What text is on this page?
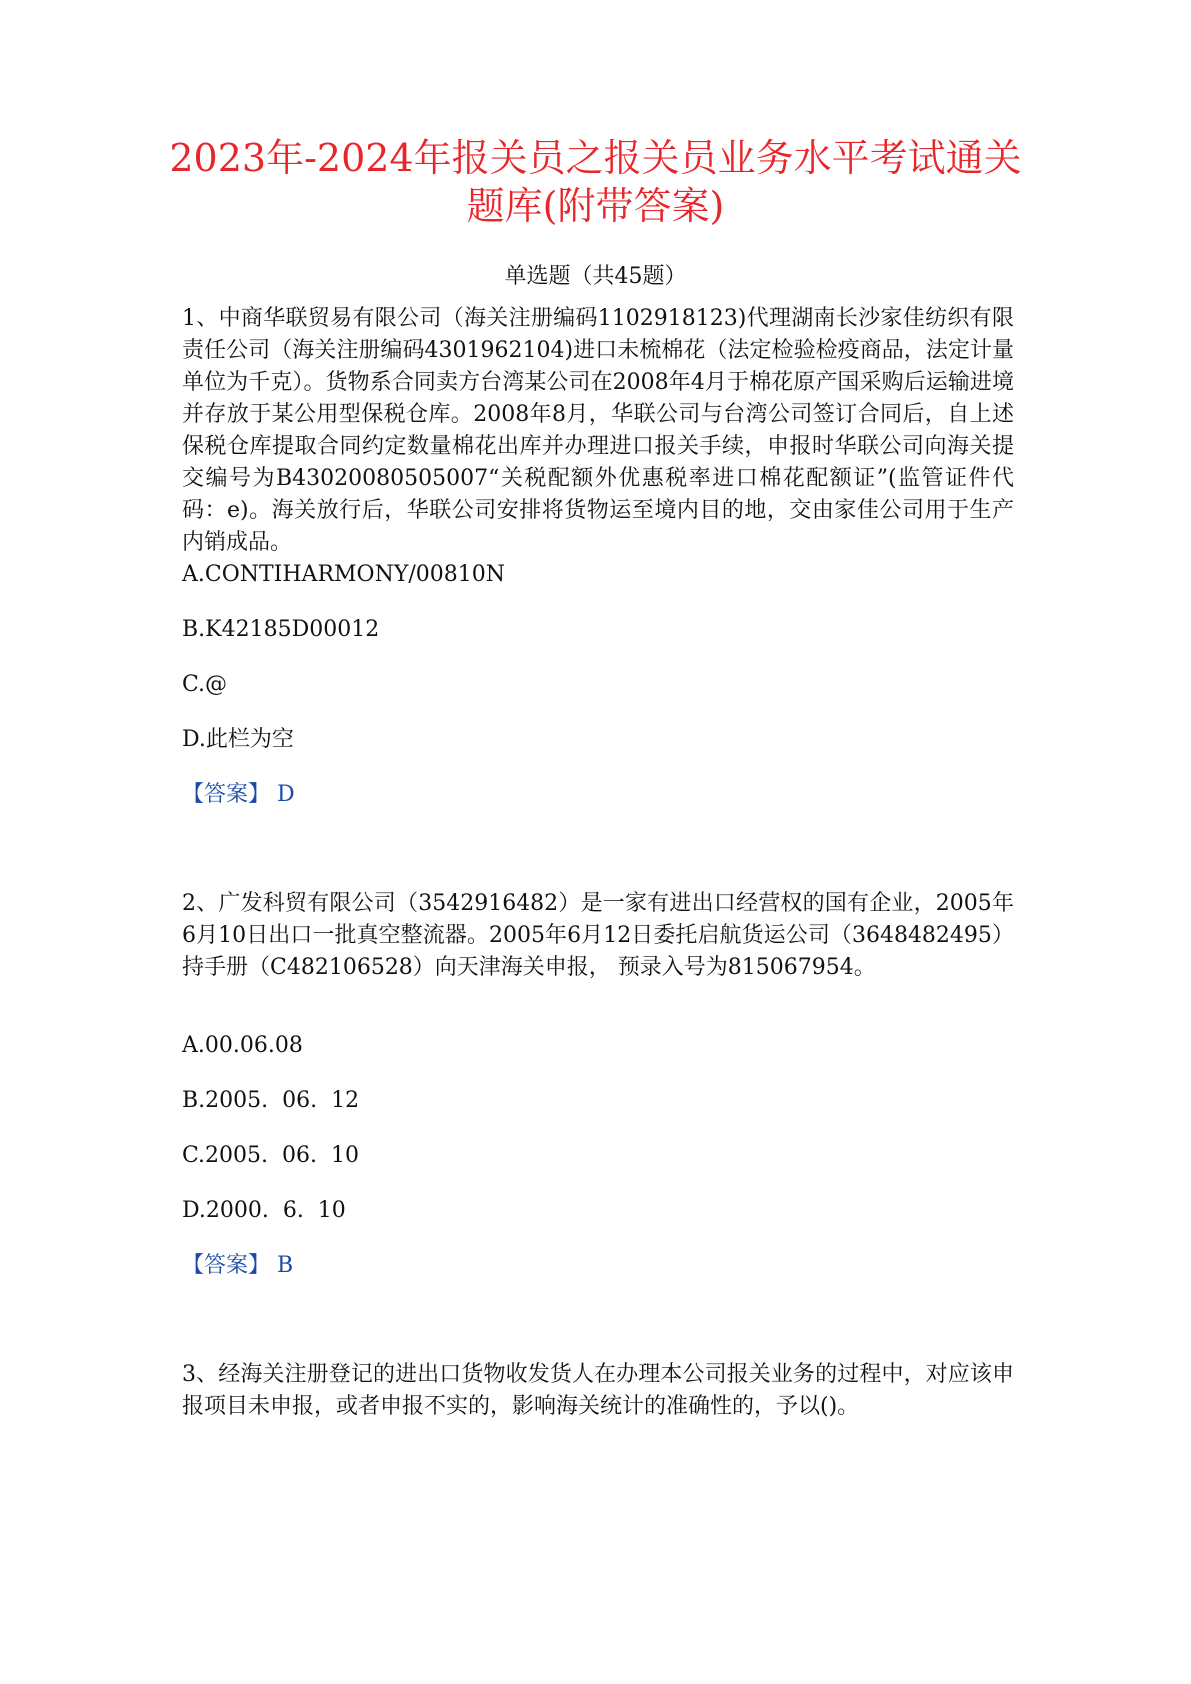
2023年-2024年报关员之报关员业务水平考试通关
题库(附带答案)
单选题（共45题）

1、中商华联贸易有限公司（海关注册编码1102918123)代理湖南长沙家佳纺织有限责任公司（海关注册编码4301962104)进口未梳棉花（法定检验检疫商品，法定计量单位为千克）。货物系合同卖方台湾某公司在2008年4月于棉花原产国采购后运输进境并存放于某公用型保税仓库。2008年8月，华联公司与台湾公司签订合同后，自上述保税仓库提取合同约定数量棉花出库并办理进口报关手续，申报时华联公司向海关提交编号为B43020080505007“关税配额外优惠税率进口棉花配额证”(监管证件代码：e)。海关放行后，华联公司安排将货物运至境内目的地，交由家佳公司用于生产内销成品。

A.CONTIHARMONY/00810N
B.K42185D00012
C.@
D.此栏为空
【答案】 D

2、广发科贸有限公司（3542916482）是一家有进出口经营权的国有企业，2005年6月10日出口一批真空整流器。2005年6月12日委托启航货运公司（3648482495）持手册（C482106528）向天津海关申报， 预录入号为815067954。

A.00.06.08
B.2005.  06.  12
C.2005.  06.  10
D.2000.  6.  10
【答案】 B

3、经海关注册登记的进出口货物收发货人在办理本公司报关业务的过程中，对应该申报项目未申报，或者申报不实的，影响海关统计的准确性的，予以()。
